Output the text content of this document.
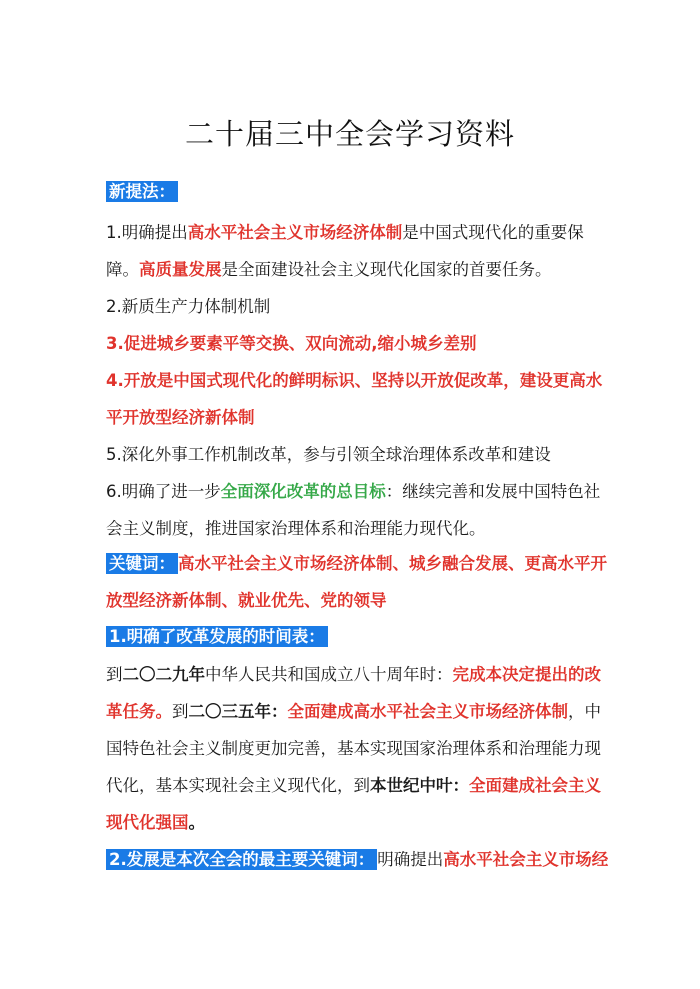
二十届三中全会学习资料
新提法：
1.明确提出高水平社会主义市场经济体制是中国式现代化的重要保
障。高质量发展是全面建设社会主义现代化国家的首要任务。
2.新质生产力体制机制
3.促进城乡要素平等交换、双向流动,缩小城乡差别
4.开放是中国式现代化的鲜明标识、坚持以开放促改革，建设更高水
平开放型经济新体制
5.深化外事工作机制改革，参与引领全球治理体系改革和建设
6.明确了进一步全面深化改革的总目标：继续完善和发展中国特色社
会主义制度，推进国家治理体系和治理能力现代化。
关键词： 高水平社会主义市场经济体制、城乡融合发展、更高水平开
放型经济新体制、就业优先、党的领导
1.明确了改革发展的时间表：
到二〇二九年中华人民共和国成立八十周年时：完成本决定提出的改
革任务。到二〇三五年：全面建成高水平社会主义市场经济体制，中
国特色社会主义制度更加完善，基本实现国家治理体系和治理能力现
代化，基本实现社会主义现代化，到本世纪中叶：全面建成社会主义
现代化强国。
2.发展是本次全会的最主要关键词： 明确提出高水平社会主义市场经
